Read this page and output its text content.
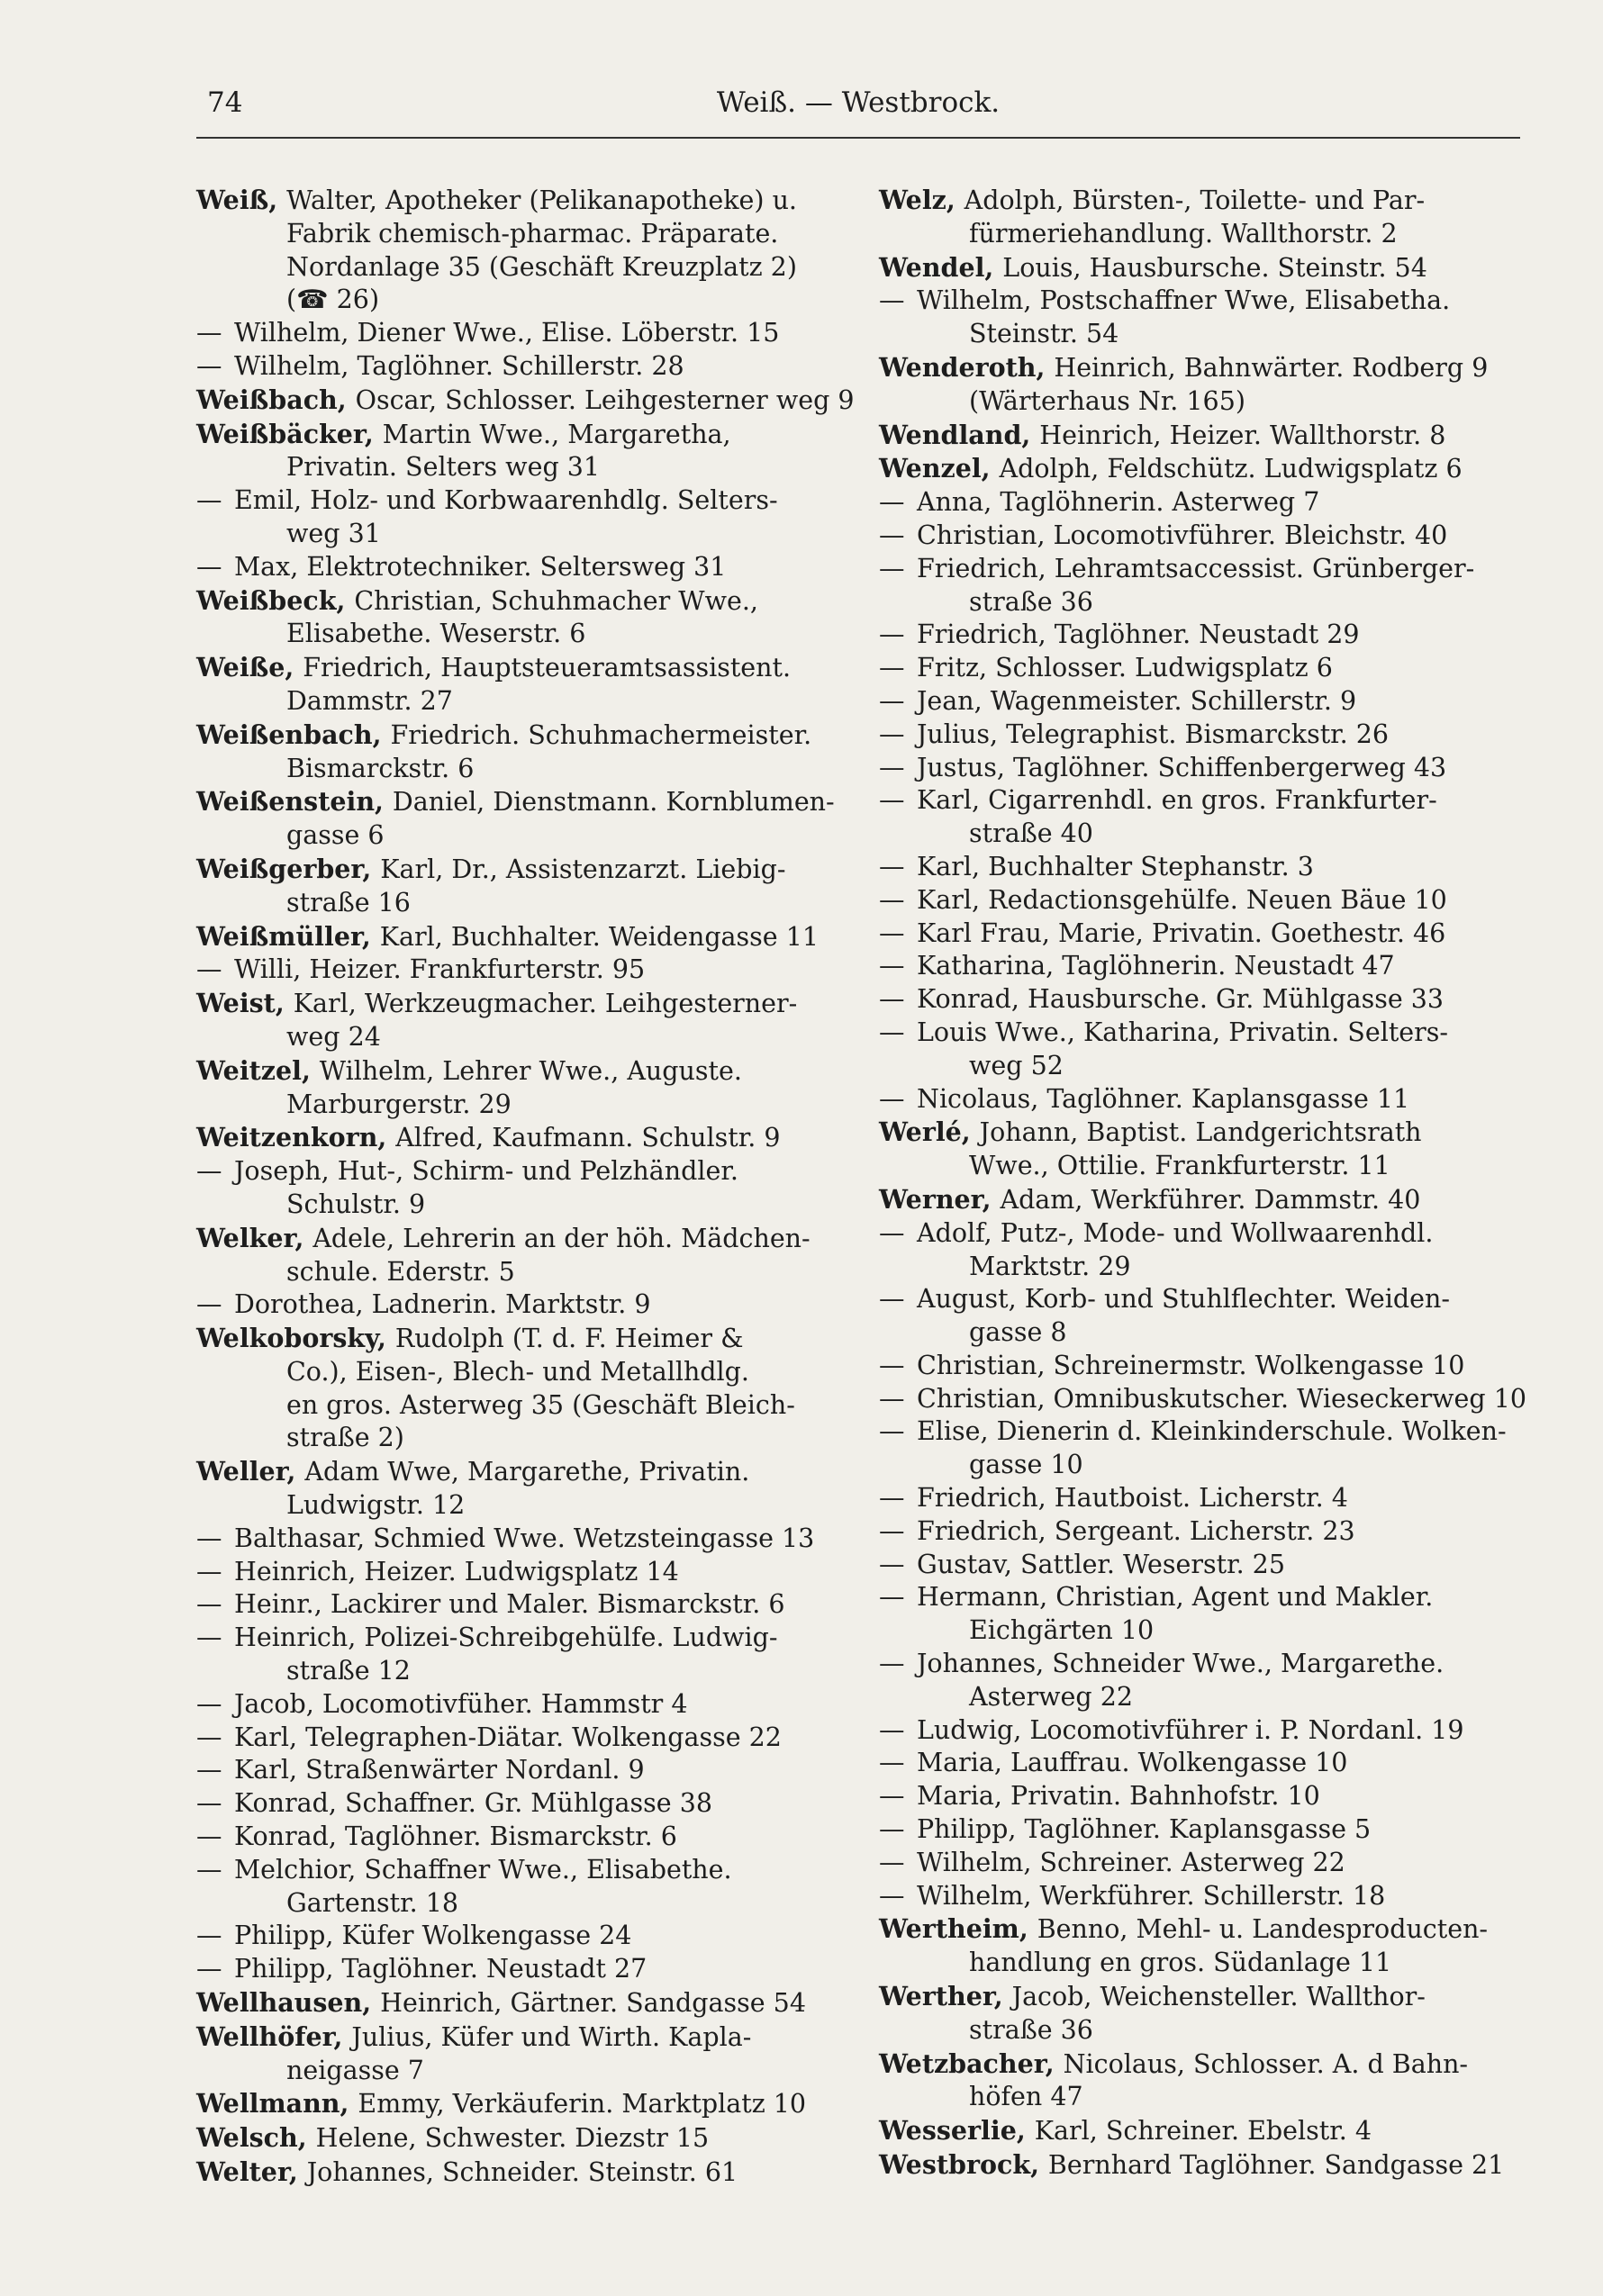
74	Weiß. — Westbrock.
Weiß, Walter, Apotheker (Pelikanapotheke) u.
Fabrik chemisch-pharmac. Präparate.
Nordanlage 35 (Geschäft Kreuzplatz 2)
(☎ 26)
— Wilhelm, Diener Wwe., Elise. Löberstr. 15
— Wilhelm, Taglöhner. Schillerstr. 28
Weißbach, Oscar, Schlosser. Leihgesterner weg 9
Weißbäcker, Martin Wwe., Margaretha,
Privatin. Selters weg 31
— Emil, Holz- und Korbwaarenhdlg. Selters-
weg 31
— Max, Elektrotechniker. Seltersweg 31
Weißbeck, Christian, Schuhmacher Wwe.,
Elisabethe. Weserstr. 6
Weiße, Friedrich, Hauptsteueramtsassistent.
Dammstr. 27
Weißenbach, Friedrich. Schuhmachermeister.
Bismarckstr. 6
Weißenstein, Daniel, Dienstmann. Kornblumen-
gasse 6
Weißgerber, Karl, Dr., Assistenzarzt. Liebig-
straße 16
Weißmüller, Karl, Buchhalter. Weidengasse 11
— Willi, Heizer. Frankfurterstr. 95
Weist, Karl, Werkzeugmacher. Leihgesterner-
weg 24
Weitzel, Wilhelm, Lehrer Wwe., Auguste.
Marburgerstr. 29
Weitzenkorn, Alfred, Kaufmann. Schulstr. 9
— Joseph, Hut-, Schirm- und Pelzhändler.
Schulstr. 9
Welker, Adele, Lehrerin an der höh. Mädchen-
schule. Ederstr. 5
— Dorothea, Ladnerin. Marktstr. 9
Welkoborsky, Rudolph (T. d. F. Heimer &
Co.), Eisen-, Blech- und Metallhdlg.
en gros. Asterweg 35 (Geschäft Bleich-
straße 2)
Weller, Adam Wwe, Margarethe, Privatin.
Ludwigstr. 12
— Balthasar, Schmied Wwe. Wetzsteingasse 13
— Heinrich, Heizer. Ludwigsplatz 14
— Heinr., Lackirer und Maler. Bismarckstr. 6
— Heinrich, Polizei-Schreibgehülfe. Ludwig-
straße 12
— Jacob, Locomotivfüher. Hammstr 4
— Karl, Telegraphen-Diätar. Wolkengasse 22
— Karl, Straßenwärter Nordanl. 9
— Konrad, Schaffner. Gr. Mühlgasse 38
— Konrad, Taglöhner. Bismarckstr. 6
— Melchior, Schaffner Wwe., Elisabethe.
Gartenstr. 18
— Philipp, Küfer Wolkengasse 24
— Philipp, Taglöhner. Neustadt 27
Wellhausen, Heinrich, Gärtner. Sandgasse 54
Wellhöfer, Julius, Küfer und Wirth. Kapla-
neigasse 7
Wellmann, Emmy, Verkäuferin. Marktplatz 10
Welsch, Helene, Schwester. Diezstr 15
Welter, Johannes, Schneider. Steinstr. 61
Welz, Adolph, Bürsten-, Toilette- und Par-
fürmeriehandlung. Wallthorstr. 2
Wendel, Louis, Hausbursche. Steinstr. 54
— Wilhelm, Postschaffner Wwe, Elisabetha.
Steinstr. 54
Wenderoth, Heinrich, Bahnwärter. Rodberg 9
(Wärterhaus Nr. 165)
Wendland, Heinrich, Heizer. Wallthorstr. 8
Wenzel, Adolph, Feldschütz. Ludwigsplatz 6
— Anna, Taglöhnerin. Asterweg 7
— Christian, Locomotivführer. Bleichstr. 40
— Friedrich, Lehramtsaccessist. Grünberger-
straße 36
— Friedrich, Taglöhner. Neustadt 29
— Fritz, Schlosser. Ludwigsplatz 6
— Jean, Wagenmeister. Schillerstr. 9
— Julius, Telegraphist. Bismarckstr. 26
— Justus, Taglöhner. Schiffenbergerweg 43
— Karl, Cigarrenhdl. en gros. Frankfurter-
straße 40
— Karl, Buchhalter Stephanstr. 3
— Karl, Redactionsgehülfe. Neuen Bäue 10
— Karl Frau, Marie, Privatin. Goethestr. 46
— Katharina, Taglöhnerin. Neustadt 47
— Konrad, Hausbursche. Gr. Mühlgasse 33
— Louis Wwe., Katharina, Privatin. Selters-
weg 52
— Nicolaus, Taglöhner. Kaplansgasse 11
Werlé, Johann, Baptist. Landgerichtsrath
Wwe., Ottilie. Frankfurterstr. 11
Werner, Adam, Werkführer. Dammstr. 40
— Adolf, Putz-, Mode- und Wollwaarenhdl.
Marktstr. 29
— August, Korb- und Stuhlflechter. Weiden-
gasse 8
— Christian, Schreinermstr. Wolkengasse 10
— Christian, Omnibuskutscher. Wieseckerweg 10
— Elise, Dienerin d. Kleinkinderschule. Wolken-
gasse 10
— Friedrich, Hautboist. Licherstr. 4
— Friedrich, Sergeant. Licherstr. 23
— Gustav, Sattler. Weserstr. 25
— Hermann, Christian, Agent und Makler.
Eichgärten 10
— Johannes, Schneider Wwe., Margarethe.
Asterweg 22
— Ludwig, Locomotivführer i. P. Nordanl. 19
— Maria, Lauffrau. Wolkengasse 10
— Maria, Privatin. Bahnhofstr. 10
— Philipp, Taglöhner. Kaplansgasse 5
— Wilhelm, Schreiner. Asterweg 22
— Wilhelm, Werkführer. Schillerstr. 18
Wertheim, Benno, Mehl- u. Landesproducten-
handlung en gros. Südanlage 11
Werther, Jacob, Weichensteller. Wallthor-
straße 36
Wetzbacher, Nicolaus, Schlosser. A. d Bahn-
höfen 47
Wesserlie, Karl, Schreiner. Ebelstr. 4
Westbrock, Bernhard Taglöhner. Sandgasse 21
